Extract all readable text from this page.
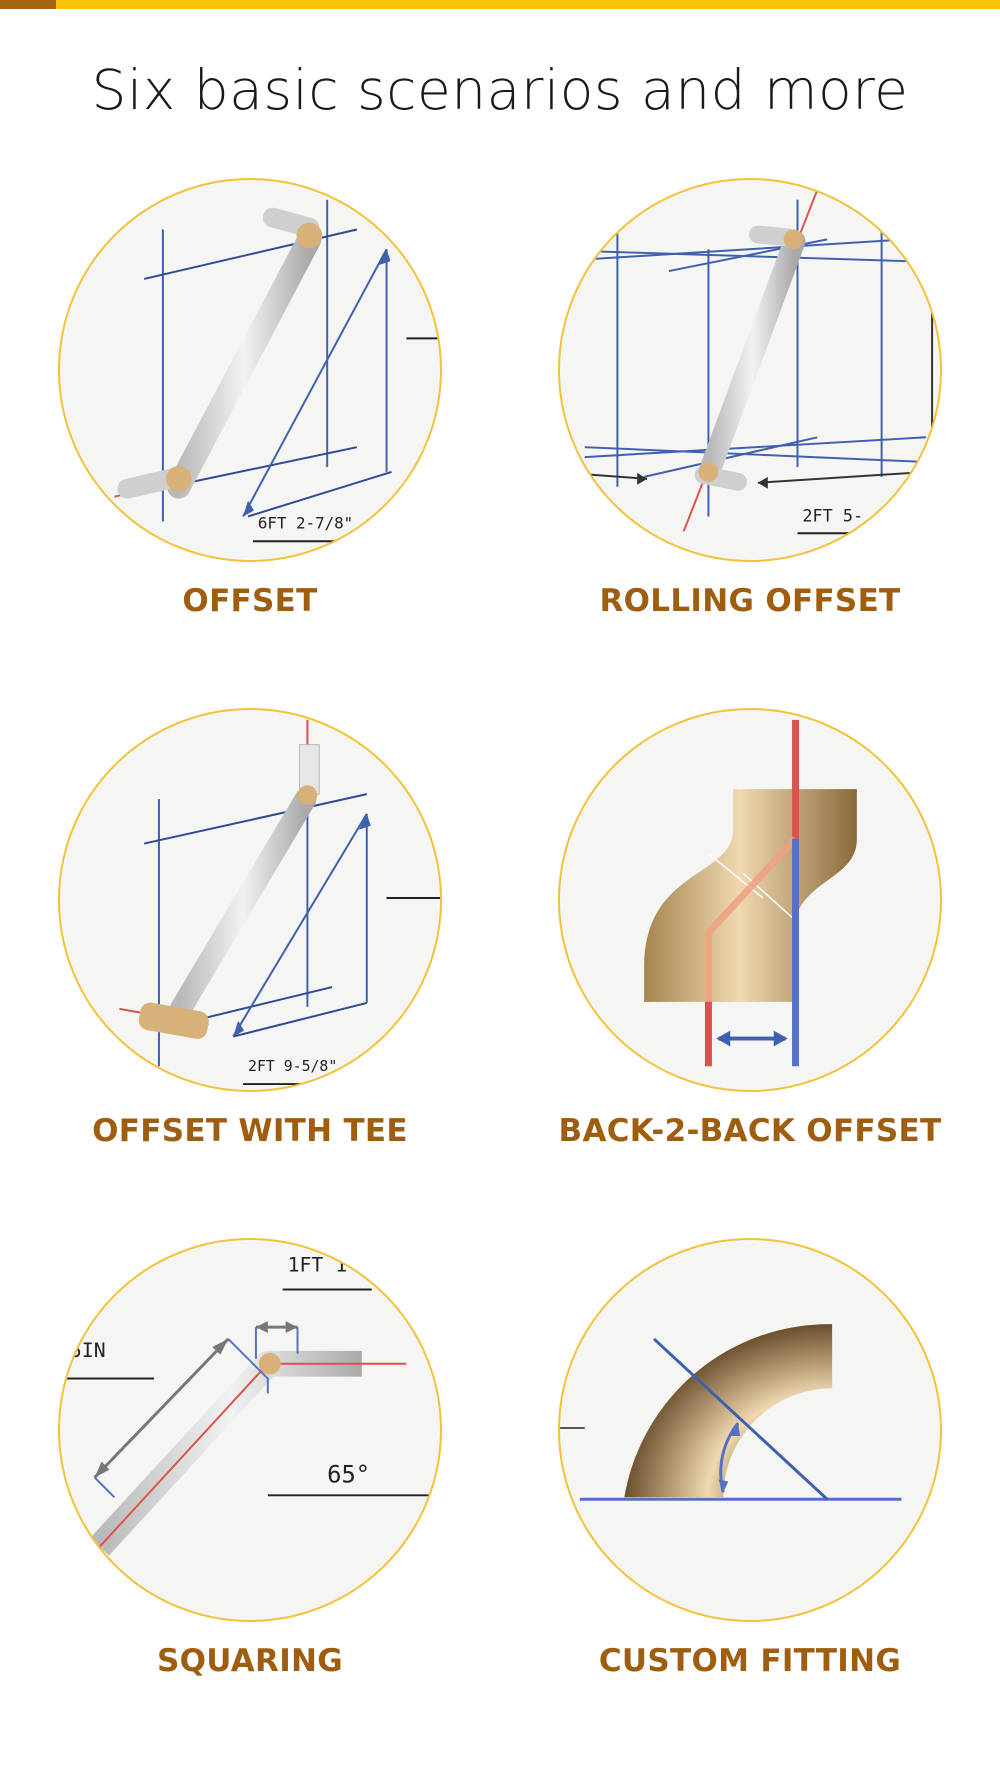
Six basic scenarios and more
6FT 2-7/8"
OFFSET
2FT 5-
ROLLING OFFSET
2FT 9-5/8"
OFFSET WITH TEE	BACK-2-BACK OFFSET
1FT 1
5IN
65°
SQUARING	CUSTOM FITTING
